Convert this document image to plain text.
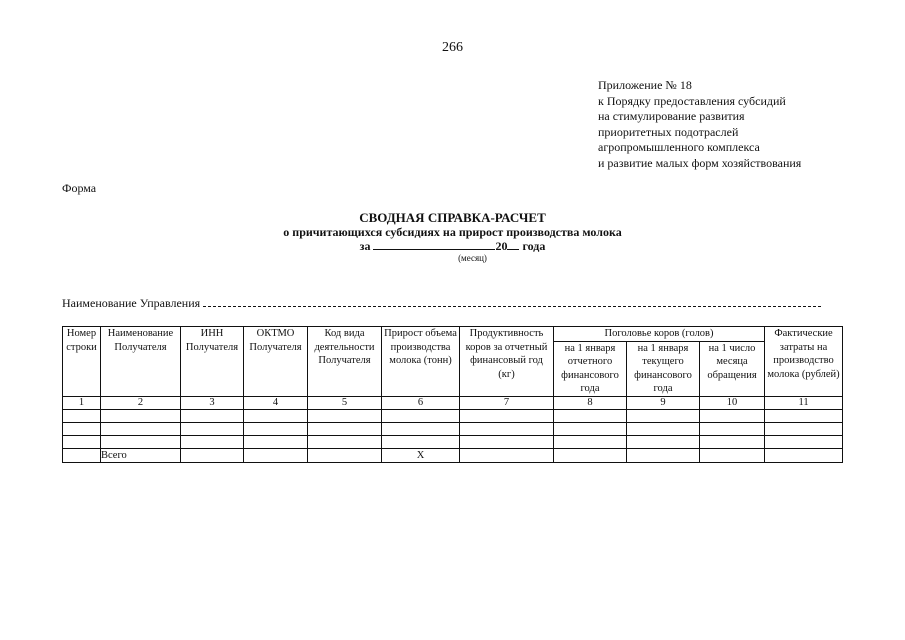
266
Приложение № 18
к Порядку предоставления субсидий
на стимулирование развития
приоритетных подотраслей
агропромышленного комплекса
и развитие малых форм хозяйствования
Форма
СВОДНАЯ СПРАВКА-РАСЧЕТ
о причитающихся субсидиях на прирост производства молока
за	20 года
(месяц)
Наименование Управления
Номер строки	Наименование Получателя	ИНН Получателя	ОКТМО Получателя	Код вида деятельности Получателя	Прирост объема производства молока (тонн)	Продуктивность коров за отчетный финансовый год (кг)	Поголовье коров (голов)			Фактические затраты на производство молока (рублей)
							на 1 января отчетного финансового года	на 1 января текущего финансового года	на 1 число месяца обращения	
1	2	3	4	5	6	7	8	9	10	11

	Всего				X					
